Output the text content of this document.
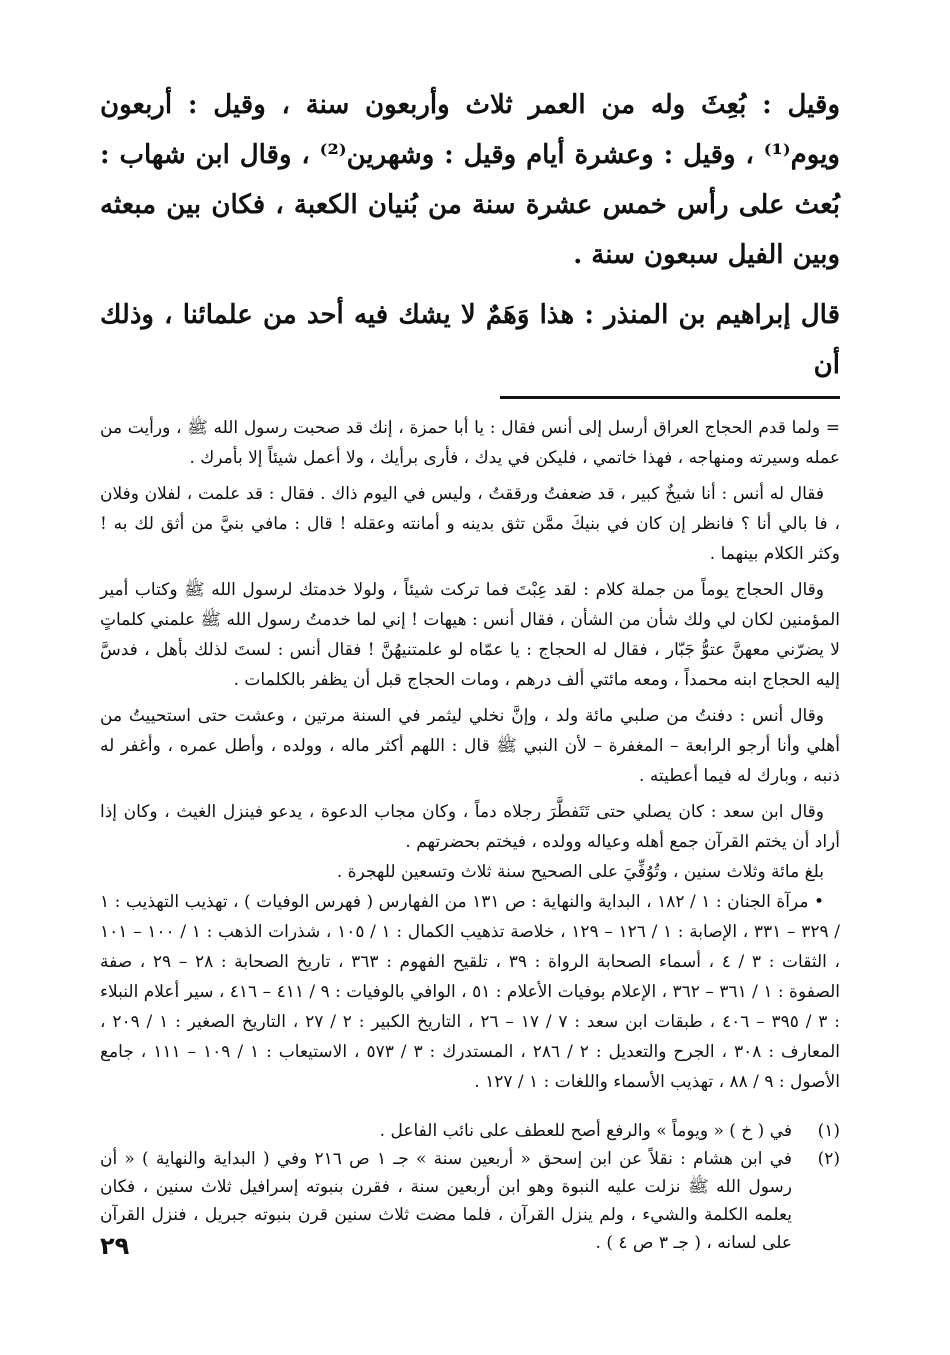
وقيل : بُعِثَ وله من العمر ثلاث وأربعون سنة ، وقيل : أربعون ويوم⁽¹⁾ ، وقيل : وعشرة أيام وقيل : وشهرين⁽²⁾ ، وقال ابن شهاب : بُعث على رأس خمس عشرة سنة من بُنيان الكعبة ، فكان بين مبعثه وبين الفيل سبعون سنة .

قال إبراهيم بن المنذر : هذا وَهَمٌ لا يشك فيه أحد من علمائنا ، وذلك أن

= ولما قدم الحجاج العراق أرسل إلى أنس فقال : يا أبا حمزة ، إنك قد صحبت رسول الله ﷺ ، ورأيت من عمله وسيرته ومنهاجه ، فهذا خاتمي ، فليكن في يدك ، فأرى برأيك ، ولا أعمل شيئاً إلا بأمرك .

فقال له أنس : أنا شيخٌ كبير ، قد ضعفتُ ورققتُ ، وليس في اليوم ذاك . فقال : قد علمت ، لفلان وفلان ، فا بالي أنا ؟ فانظر إن كان في بنيكَ ممَّن تثق بدينه و أمانته وعقله ! قال : مافي بنيَّ من أثق لك به ! وكثر الكلام بينهما .

وقال الحجاج يوماً من جملة كلام : لقد عِبْتَ فما تركت شيئاً ، ولولا خدمتك لرسول الله ﷺ وكتاب أمير المؤمنين لكان لي ولك شأن من الشأن ، فقال أنس : هيهات ! إني لما خدمتُ رسول الله ﷺ علمني كلماتٍ لا يضرّني معهنَّ عتوُّ جَبّار ، فقال له الحجاج : يا عمّاه لو علمتنيهُنَّ ! فقال أنس : لستَ لذلك بأهل ، فدسَّ إليه الحجاج ابنه محمداً ، ومعه مائتي ألف درهم ، ومات الحجاج قبل أن يظفر بالكلمات .

وقال أنس : دفنتُ من صلبي مائة ولد ، وإنَّ نخلي ليثمر في السنة مرتين ، وعشت حتى استحييتُ من أهلي وأنا أرجو الرابعة – المغفرة – لأن النبي ﷺ قال : اللهم أكثر ماله ، وولده ، وأطل عمره ، وأغفر له ذنبه ، وبارك له فيما أعطيته .

وقال ابن سعد : كان يصلي حتى تَتَفطَّرَ رجلاه دماً ، وكان مجاب الدعوة ، يدعو فينزل الغيث ، وكان إذا أراد أن يختم القرآن جمع أهله وعياله وولده ، فيختم بحضرتهم .

بلغ مائة وثلاث سنين ، وتُوُفِّيَ على الصحيح سنة ثلاث وتسعين للهجرة .

• مرآة الجنان : ١ / ١٨٢ ، البداية والنهاية : ص ١٣١ من الفهارس ( فهرس الوفيات ) ، تهذيب التهذيب : ١ / ٣٢٩ – ٣٣١ ، الإصابة : ١ / ١٢٦ – ١٢٩ ، خلاصة تذهيب الكمال : ١ / ١٠٥ ، شذرات الذهب : ١ / ١٠٠ – ١٠١ ، الثقات : ٣ / ٤ ، أسماء الصحابة الرواة : ٣٩ ، تلقيح الفهوم : ٣٦٣ ، تاريخ الصحابة : ٢٨ – ٢٩ ، صفة الصفوة : ١ / ٣٦١ – ٣٦٢ ، الإعلام بوفيات الأعلام : ٥١ ، الوافي بالوفيات : ٩ / ٤١١ – ٤١٦ ، سير أعلام النبلاء : ٣ / ٣٩٥ – ٤٠٦ ، طبقات ابن سعد : ٧ / ١٧ – ٢٦ ، التاريخ الكبير : ٢ / ٢٧ ، التاريخ الصغير : ١ / ٢٠٩ ، المعارف : ٣٠٨ ، الجرح والتعديل : ٢ / ٢٨٦ ، المستدرك : ٣ / ٥٧٣ ، الاستيعاب : ١ / ١٠٩ – ١١١ ، جامع الأصول : ٩ / ٨٨ ، تهذيب الأسماء واللغات : ١ / ١٢٧ .

(١)
في ( خ ) « ويوماً » والرفع أصح للعطف على نائب الفاعل .
(٢)
في ابن هشام : نقلاً عن ابن إسحق « أربعين سنة » جـ ١ ص ٢١٦ وفي ( البداية والنهاية ) « أن رسول الله ﷺ نزلت عليه النبوة وهو ابن أربعين سنة ، فقرن بنبوته إسرافيل ثلاث سنين ، فكان يعلمه الكلمة والشيء ، ولم ينزل القرآن ، فلما مضت ثلاث سنين قرن بنبوته جبريل ، فنزل القرآن على لسانه ، ( جـ ٣ ص ٤ ) .
٢٩
